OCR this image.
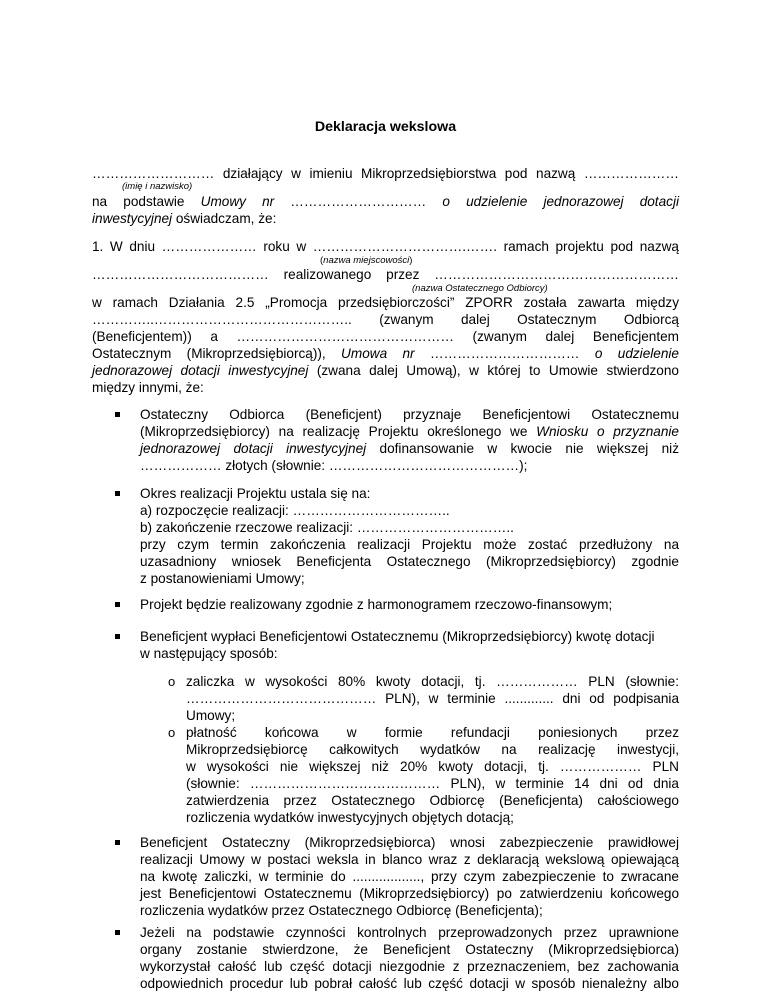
Deklaracja wekslowa
……………………… działający w imieniu Mikroprzedsiębiorstwa pod nazwą …………………
(imię i nazwisko)
na podstawie Umowy nr ………………………… o udzielenie jednorazowej dotacji
inwestycyjnej oświadczam, że:
1. W dniu ………………… roku w …………………………….……. ramach projektu pod nazwą
(nazwa miejscowości)
………………………………… realizowanego przez ………………………………………………
(nazwa Ostatecznego Odbiorcy)
w ramach Działania 2.5 „Promocja przedsiębiorczości” ZPORR została zawarta między
…………..…………………………………….. (zwanym dalej Ostatecznym Odbiorcą
(Beneficjentem)) a ………………………………………… (zwanym dalej Beneficjentem
Ostatecznym (Mikroprzedsiębiorcą)), Umowa nr …………………………… o udzielenie
jednorazowej dotacji inwestycyjnej (zwana dalej Umową), w której to Umowie stwierdzono
między innymi, że:
Ostateczny Odbiorca (Beneficjent) przyznaje Beneficjentowi Ostatecznemu
(Mikroprzedsiębiorcy) na realizację Projektu określonego we Wniosku o przyznanie
jednorazowej dotacji inwestycyjnej dofinansowanie w kwocie nie większej niż
……………… złotych (słownie: ……………………………………);
Okres realizacji Projektu ustala się na:
a) rozpoczęcie realizacji: ……………………………..
b) zakończenie rzeczowe realizacji: ……………………………..
przy czym termin zakończenia realizacji Projektu może zostać przedłużony na
uzasadniony wniosek Beneficjenta Ostatecznego (Mikroprzedsiębiorcy) zgodnie
z postanowieniami Umowy;
Projekt będzie realizowany zgodnie z harmonogramem rzeczowo-finansowym;
Beneficjent wypłaci Beneficjentowi Ostatecznemu (Mikroprzedsiębiorcy) kwotę dotacji
w następujący sposób:
o zaliczka w wysokości 80% kwoty dotacji, tj. ……………… PLN (słownie:
…………………………………… PLN), w terminie ............. dni od podpisania
Umowy;
o płatność końcowa w formie refundacji poniesionych przez
Mikroprzedsiębiorcę całkowitych wydatków na realizację inwestycji,
w wysokości nie większej niż 20% kwoty dotacji, tj. ……………… PLN
(słownie: …………………………………… PLN), w terminie 14 dni od dnia
zatwierdzenia przez Ostatecznego Odbiorcę (Beneficjenta) całościowego
rozliczenia wydatków inwestycyjnych objętych dotacją;
Beneficjent Ostateczny (Mikroprzedsiębiorca) wnosi zabezpieczenie prawidłowej
realizacji Umowy w postaci weksla in blanco wraz z deklaracją wekslową opiewającą
na kwotę zaliczki, w terminie do .................., przy czym zabezpieczenie to zwracane
jest Beneficjentowi Ostatecznemu (Mikroprzedsiębiorcy) po zatwierdzeniu końcowego
rozliczenia wydatków przez Ostatecznego Odbiorcę (Beneficjenta);
Jeżeli na podstawie czynności kontrolnych przeprowadzonych przez uprawnione
organy zostanie stwierdzone, że Beneficjent Ostateczny (Mikroprzedsiębiorca)
wykorzystał całość lub część dotacji niezgodnie z przeznaczeniem, bez zachowania
odpowiednich procedur lub pobrał całość lub część dotacji w sposób nienależny albo
